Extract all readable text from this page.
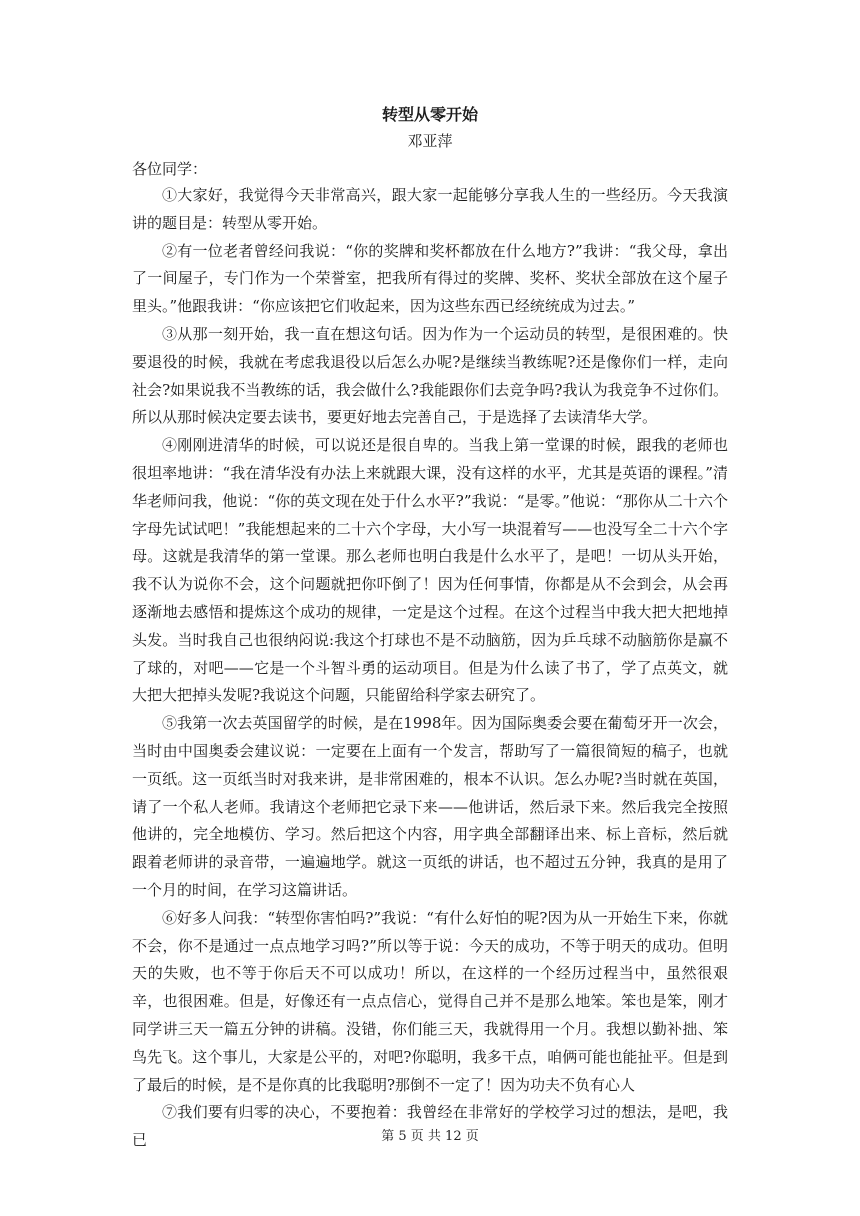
转型从零开始
邓亚萍

各位同学：

①大家好，我觉得今天非常高兴，跟大家一起能够分享我人生的一些经历。今天我演讲的题目是：转型从零开始。

②有一位老者曾经问我说：“你的奖牌和奖杯都放在什么地方?”我讲：“我父母，拿出了一间屋子，专门作为一个荣誉室，把我所有得过的奖牌、奖杯、奖状全部放在这个屋子里头。”他跟我讲：“你应该把它们收起来，因为这些东西已经统统成为过去。”

③从那一刻开始，我一直在想这句话。因为作为一个运动员的转型，是很困难的。快要退役的时候，我就在考虑我退役以后怎么办呢?是继续当教练呢?还是像你们一样，走向社会?如果说我不当教练的话，我会做什么?我能跟你们去竞争吗?我认为我竞争不过你们。所以从那时候决定要去读书，要更好地去完善自己，于是选择了去读清华大学。

④刚刚进清华的时候，可以说还是很自卑的。当我上第一堂课的时候，跟我的老师也很坦率地讲：“我在清华没有办法上来就跟大课，没有这样的水平，尤其是英语的课程。”清华老师问我，他说：“你的英文现在处于什么水平?”我说：“是零。”他说：“那你从二十六个字母先试试吧！”我能想起来的二十六个字母，大小写一块混着写——也没写全二十六个字母。这就是我清华的第一堂课。那么老师也明白我是什么水平了，是吧！一切从头开始，我不认为说你不会，这个问题就把你吓倒了！因为任何事情，你都是从不会到会，从会再逐渐地去感悟和提炼这个成功的规律，一定是这个过程。在这个过程当中我大把大把地掉头发。当时我自己也很纳闷说:我这个打球也不是不动脑筋，因为乒乓球不动脑筋你是赢不了球的，对吧——它是一个斗智斗勇的运动项目。但是为什么读了书了，学了点英文，就大把大把掉头发呢?我说这个问题，只能留给科学家去研究了。

⑤我第一次去英国留学的时候，是在1998年。因为国际奥委会要在葡萄牙开一次会，当时由中国奥委会建议说：一定要在上面有一个发言，帮助写了一篇很简短的稿子，也就一页纸。这一页纸当时对我来讲，是非常困难的，根本不认识。怎么办呢?当时就在英国，请了一个私人老师。我请这个老师把它录下来——他讲话，然后录下来。然后我完全按照他讲的，完全地模仿、学习。然后把这个内容，用字典全部翻译出来、标上音标，然后就跟着老师讲的录音带，一遍遍地学。就这一页纸的讲话，也不超过五分钟，我真的是用了一个月的时间，在学习这篇讲话。

⑥好多人问我：“转型你害怕吗?”我说：“有什么好怕的呢?因为从一开始生下来，你就不会，你不是通过一点点地学习吗?”所以等于说：今天的成功，不等于明天的成功。但明天的失败，也不等于你后天不可以成功！所以，在这样的一个经历过程当中，虽然很艰辛，也很困难。但是，好像还有一点点信心，觉得自己并不是那么地笨。笨也是笨，刚才同学讲三天一篇五分钟的讲稿。没错，你们能三天，我就得用一个月。我想以勤补拙、笨鸟先飞。这个事儿，大家是公平的，对吧?你聪明，我多干点，咱俩可能也能扯平。但是到了最后的时候，是不是你真的比我聪明?那倒不一定了！因为功夫不负有心人

⑦我们要有归零的决心，不要抱着：我曾经在非常好的学校学习过的想法，是吧，我已	第 5 页 共 12 页
